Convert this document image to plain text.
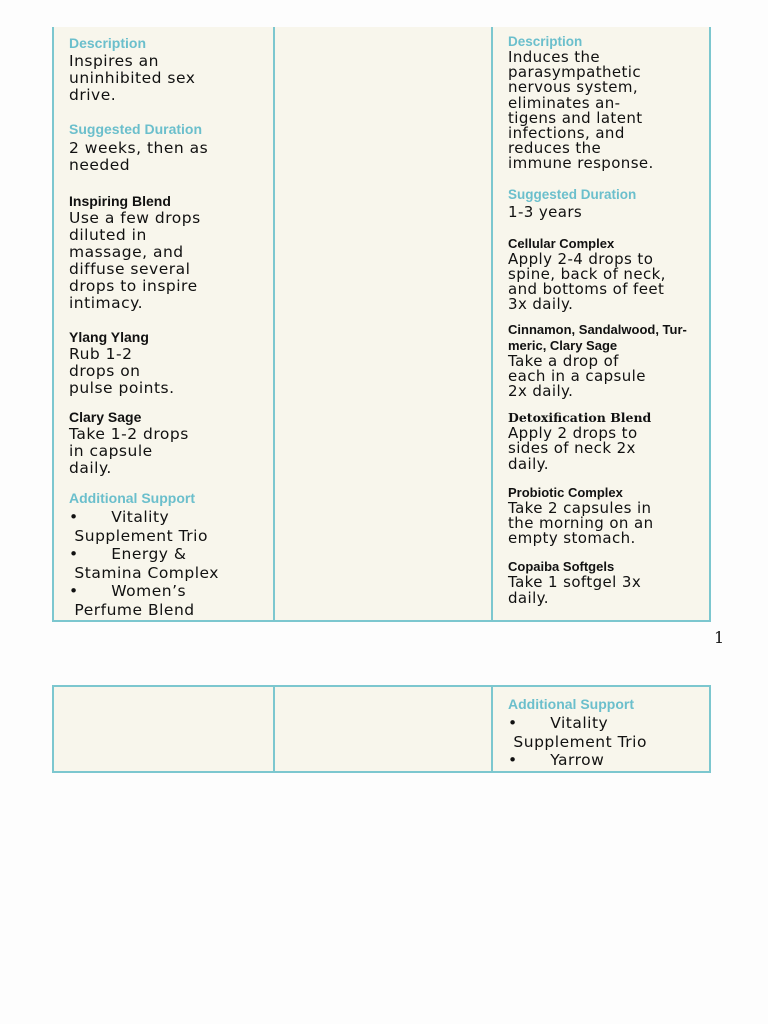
Description
Inspires an
uninhibited sex
drive.
Suggested Duration
2 weeks, then as
needed
Inspiring Blend
Use a few drops
diluted in
massage, and
diffuse several
drops to inspire
intimacy.
Ylang Ylang
Rub 1-2
drops on
pulse points.
Clary Sage
Take 1-2 drops
in capsule
daily.
Additional Support
•      Vitality
Supplement Trio
•      Energy &
Stamina Complex
•      Women’s
Perfume Blend
Description
Induces the
parasympathetic
nervous system,
eliminates an-
tigens and latent
infections, and
reduces the
immune response.
Suggested Duration
1-3 years
Cellular Complex
Apply 2-4 drops to
spine, back of neck,
and bottoms of feet
3x daily.
Cinnamon, Sandalwood, Tur-
meric, Clary Sage
Take a drop of
each in a capsule
2x daily.
Detoxification Blend
Apply 2 drops to
sides of neck 2x
daily.
Probiotic Complex
Take 2 capsules in
the morning on an
empty stomach.
Copaiba Softgels
Take 1 softgel 3x
daily.
1
Additional Support
•      Vitality
Supplement Trio
•      Yarrow
